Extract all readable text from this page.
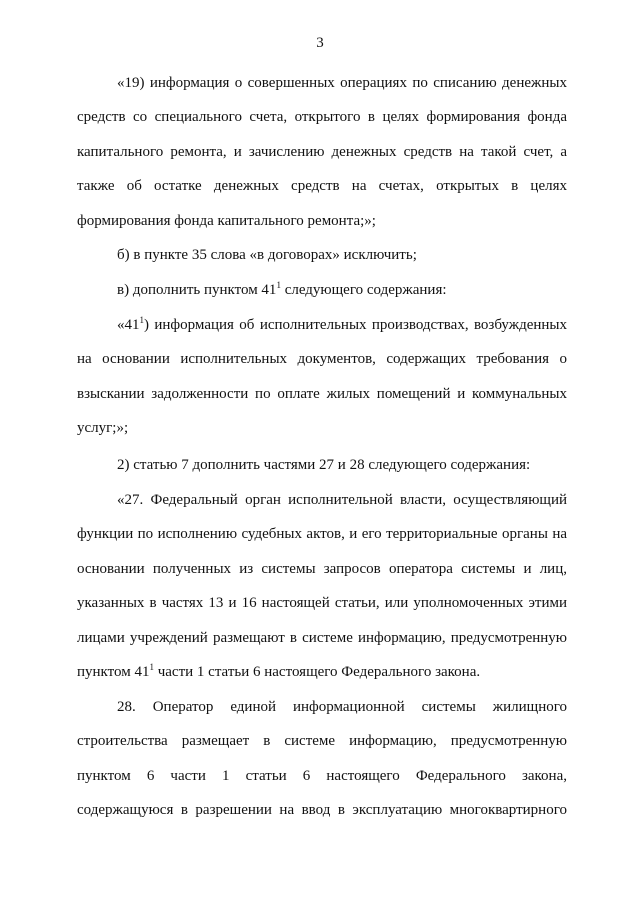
3

«19) информация о совершенных операциях по списанию денежных средств со специального счета, открытого в целях формирования фонда капитального ремонта, и зачислению денежных средств на такой счет, а также об остатке денежных средств на счетах, открытых в целях формирования фонда капитального ремонта;»;

б) в пункте 35 слова «в договорах» исключить;

в) дополнить пунктом $41^1$ следующего содержания:

«$41^1$) информация об исполнительных производствах, возбужденных на основании исполнительных документов, содержащих требования о взыскании задолженности по оплате жилых помещений и коммунальных услуг;»;

2) статью 7 дополнить частями 27 и 28 следующего содержания:

«27. Федеральный орган исполнительной власти, осуществляющий функции по исполнению судебных актов, и его территориальные органы на основании полученных из системы запросов оператора системы и лиц, указанных в частях 13 и 16 настоящей статьи, или уполномоченных этими лицами учреждений размещают в системе информацию, предусмотренную пунктом $41^1$ части 1 статьи 6 настоящего Федерального закона.

28. Оператор единой информационной системы жилищного строительства размещает в системе информацию, предусмотренную пунктом 6 части 1 статьи 6 настоящего Федерального закона, содержащуюся в разрешении на ввод в эксплуатацию многоквартирного
